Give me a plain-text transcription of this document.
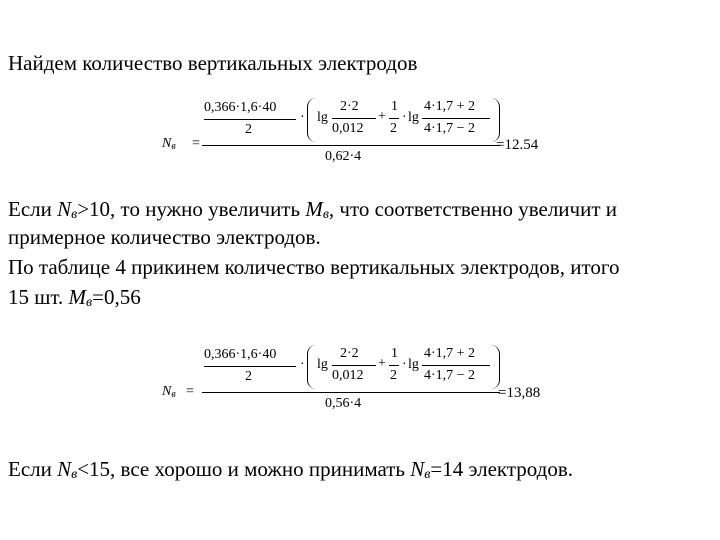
Найдем количество вертикальных электродов
$N_в$ =
0,366·1,6·40
2
· lg
2·2
0,012
+
1
2
· lg
4·1,7 + 2
4·1,7 − 2
0,62·4
=12.54
Если Nв>10, то нужно увеличить Mв, что соответственно увеличит и
примерное количество электродов.
По таблице 4 прикинем количество вертикальных электродов, итого
15 шт. Mв=0,56
$N_в$ =
0,366·1,6·40
2
· lg
2·2
0,012
+
1
2
· lg
4·1,7 + 2
4·1,7 − 2
0,56·4
=13,88
Если Nв<15, все хорошо и можно принимать Nв=14 электродов.
